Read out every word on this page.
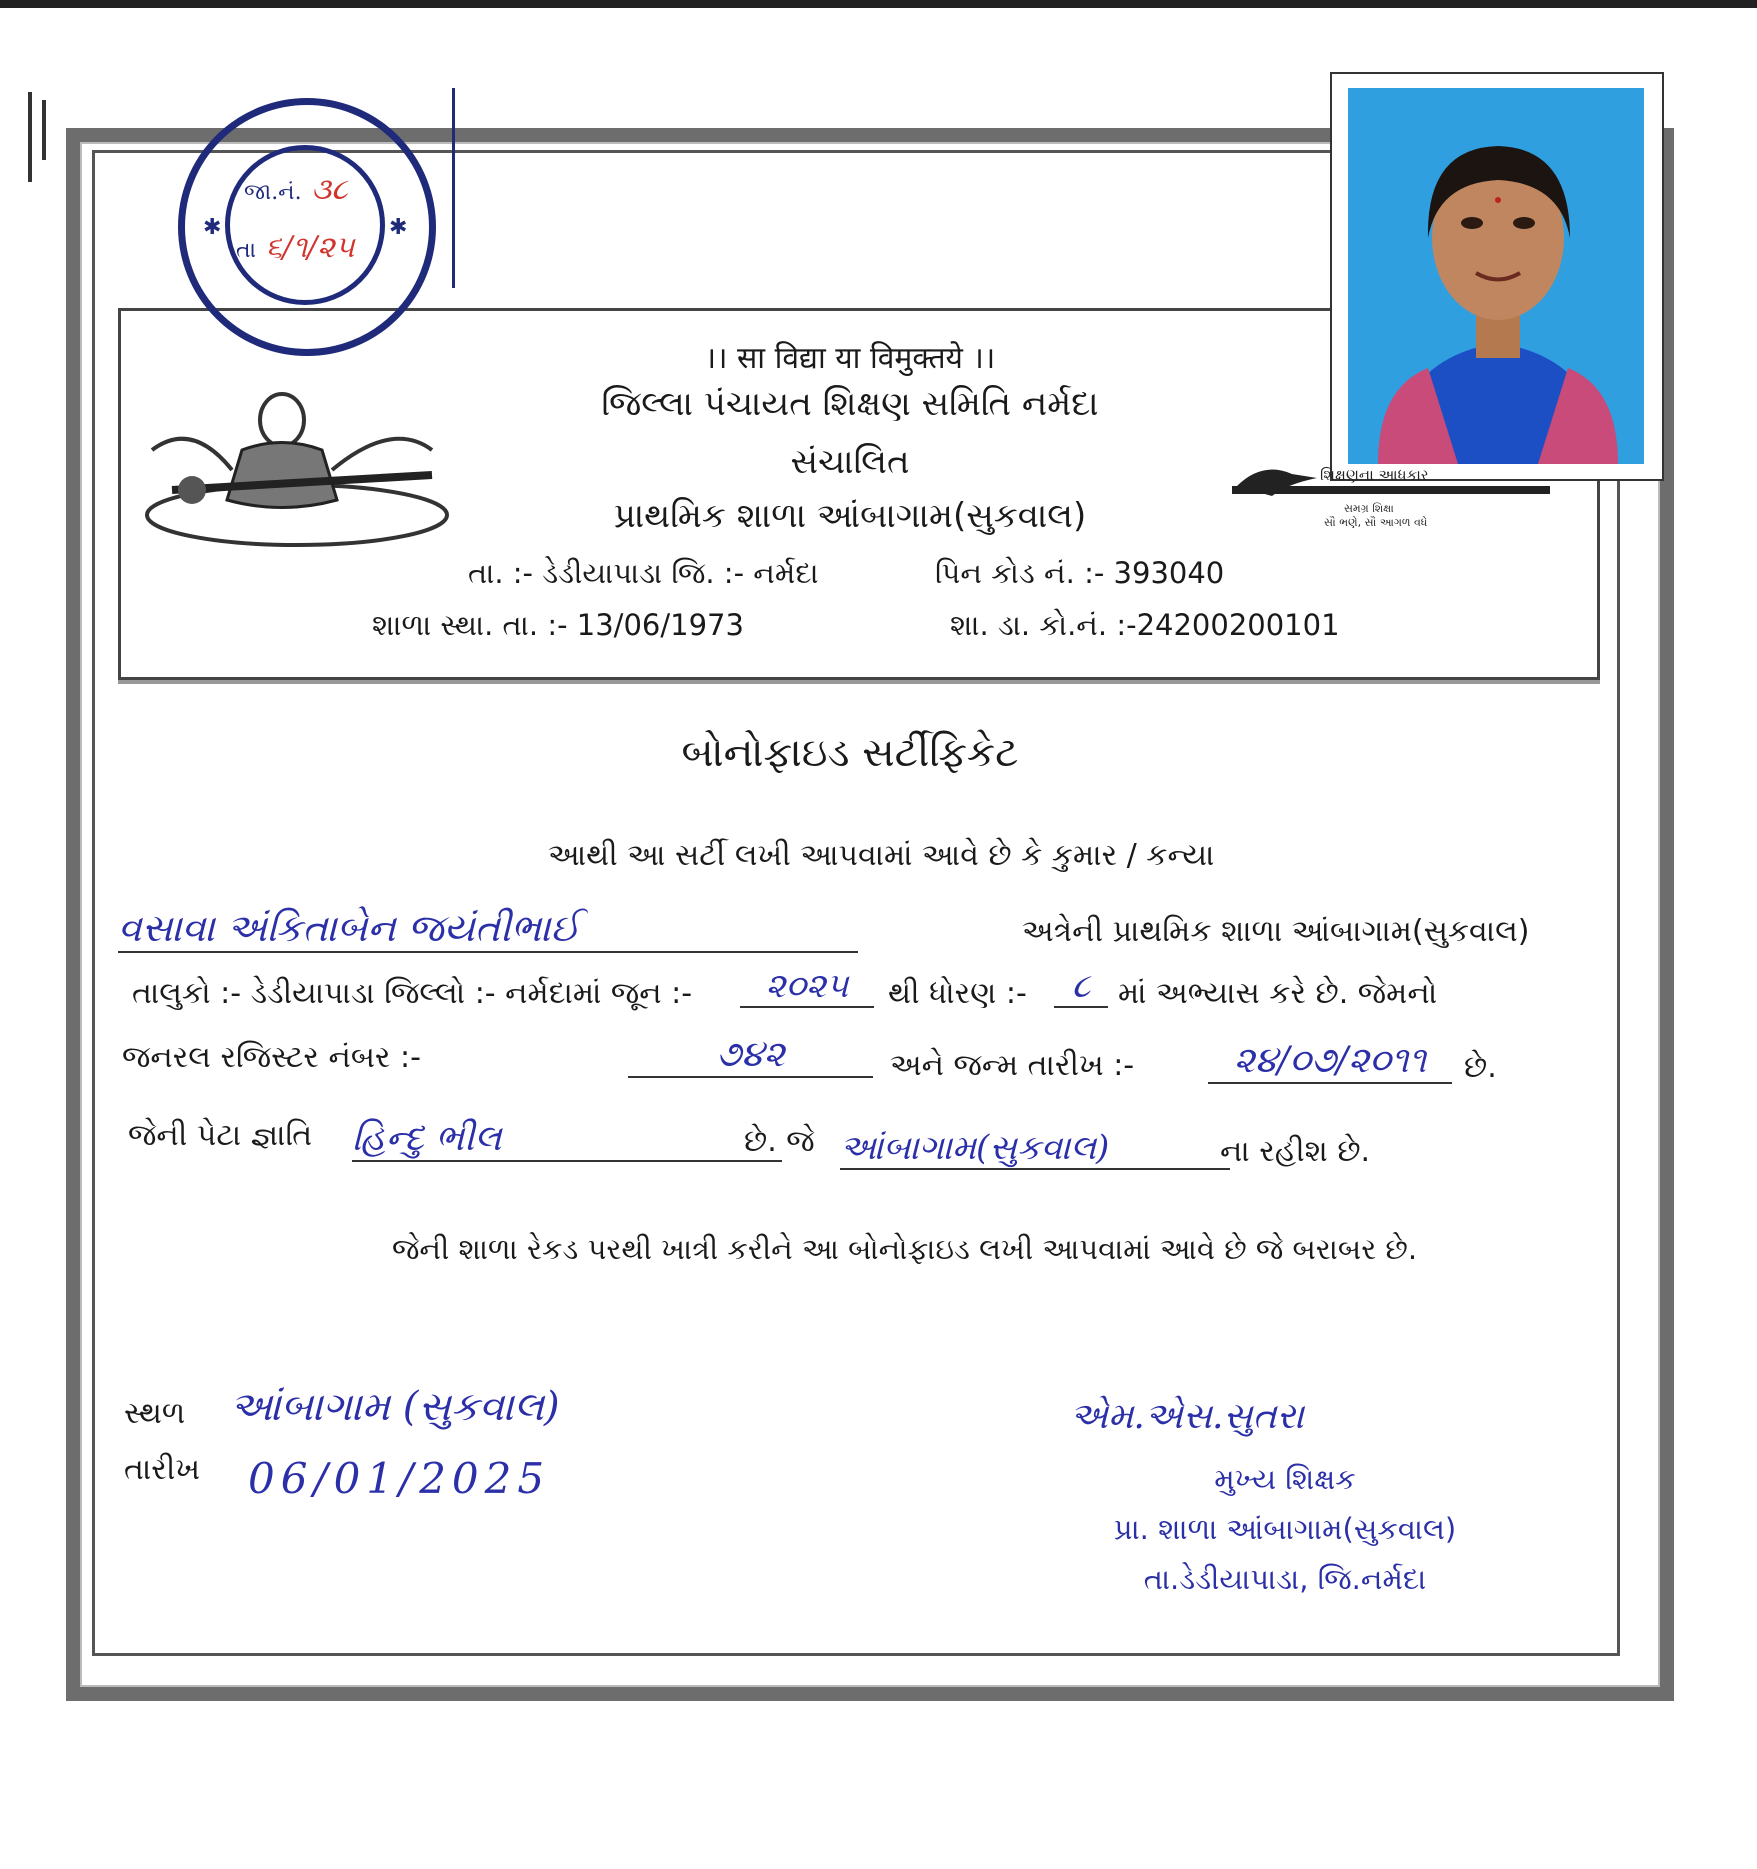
જા.નં. ૩૮
તા ૬/૧/૨૫
✱	✱
।। सा विद्या या विमुक्तये ।।
જિલ્લા પંચાયત શિક્ષણ સમિતિ નર્મદા
સંચાલિત
પ્રાથમિક શાળા આંબાગામ(સુકવાલ)
તા. :- ડેડીયાપાડા જિ. :- નર્મદા	પિન કોડ નં. :- 393040
શાળા સ્થા. તા. :- 13/06/1973	શા. ડા. કો.નં. :-24200200101
શિક્ષણના આધકાર
સમગ્ર શિક્ષા
સૌ ભણે, સૌ આગળ વધે
બોનોફાઇડ સર્ટીફિકેટ
આથી આ સર્ટી લખી આપવામાં આવે છે કે કુમાર / કન્યા
વસાવા અંકિતાબેન જયંતીભાઈ	અત્રેની પ્રાથમિક શાળા આંબાગામ(સુકવાલ)
તાલુકો :- ડેડીયાપાડા જિલ્લો :- નર્મદામાં જૂન :-	૨૦૨૫	થી ધોરણ :-	૮ માં અભ્યાસ કરે છે. જેમનો
જનરલ રજિસ્ટર નંબર :-	૭૪૨	અને જન્મ તારીખ :-	૨૪/૦૭/૨૦૧૧	છે.
જેની પેટા જ્ઞાતિ હિન્દુ ભીલ	છે. જે આંબાગામ(સુકવાલ)	ના રહીશ છે.
જેની શાળા રેકડ પરથી ખાત્રી કરીને આ બોનોફાઇડ લખી આપવામાં આવે છે જે બરાબર છે.
સ્થળ આંબાગામ (સુકવાલ)
તારીખ 06/01/2025
એમ.એસ.સુતરા
મુખ્ય શિક્ષક
પ્રા. શાળા આંબાગામ(સુકવાલ)
તા.ડેડીયાપાડા, જિ.નર્મદા
